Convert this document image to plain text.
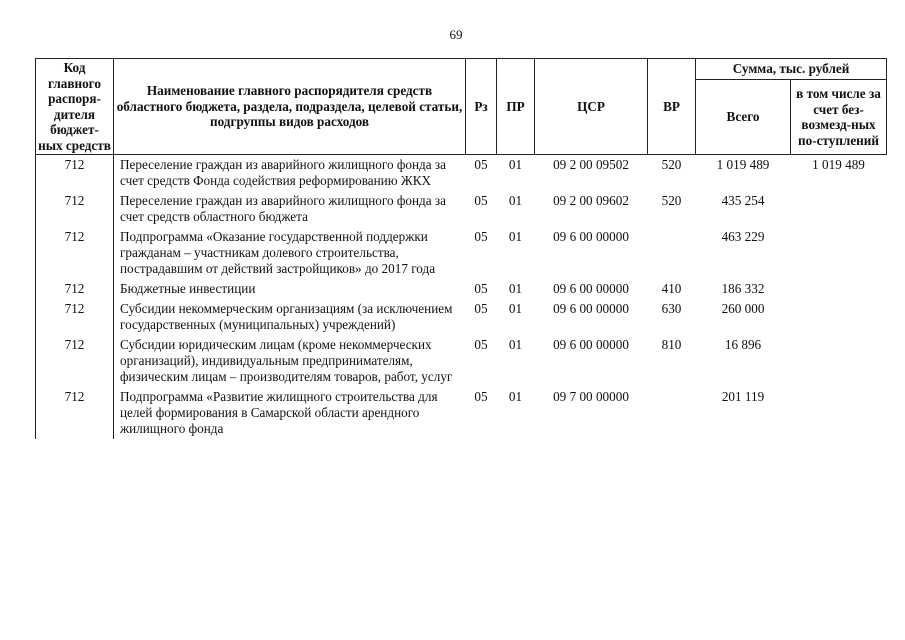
69
Код главного распоря-дителя бюджет-ных средств	Наименование главного распорядителя средств областного бюджета, раздела, подраздела, целевой статьи, подгруппы видов расходов	Рз	ПР	ЦСР	ВР	Сумма, тыс. рублей	
						Всего	в том числе за счет без-возмезд-ных по-ступлений
712	Переселение граждан из аварийного жилищного фонда за счет средств Фонда содействия реформированию ЖКХ	05	01	09 2 00 09502	520	1 019 489	1 019 489
712	Переселение граждан из аварийного жилищного фонда за счет средств областного бюджета	05	01	09 2 00 09602	520	435 254	
712	Подпрограмма «Оказание государственной поддержки гражданам – участникам долевого строительства, пострадавшим от действий застройщиков» до 2017 года	05	01	09 6 00 00000		463 229	
712	Бюджетные инвестиции	05	01	09 6 00 00000	410	186 332	
712	Субсидии некоммерческим организациям (за исключением государственных (муниципальных) учреждений)	05	01	09 6 00 00000	630	260 000	
712	Субсидии юридическим лицам (кроме некоммерческих организаций), индивидуальным предпринимателям, физическим лицам – производителям товаров, работ, услуг	05	01	09 6 00 00000	810	16 896	
712	Подпрограмма «Развитие жилищного строительства для целей формирования в Самарской области арендного жилищного фонда	05	01	09 7 00 00000		201 119	
